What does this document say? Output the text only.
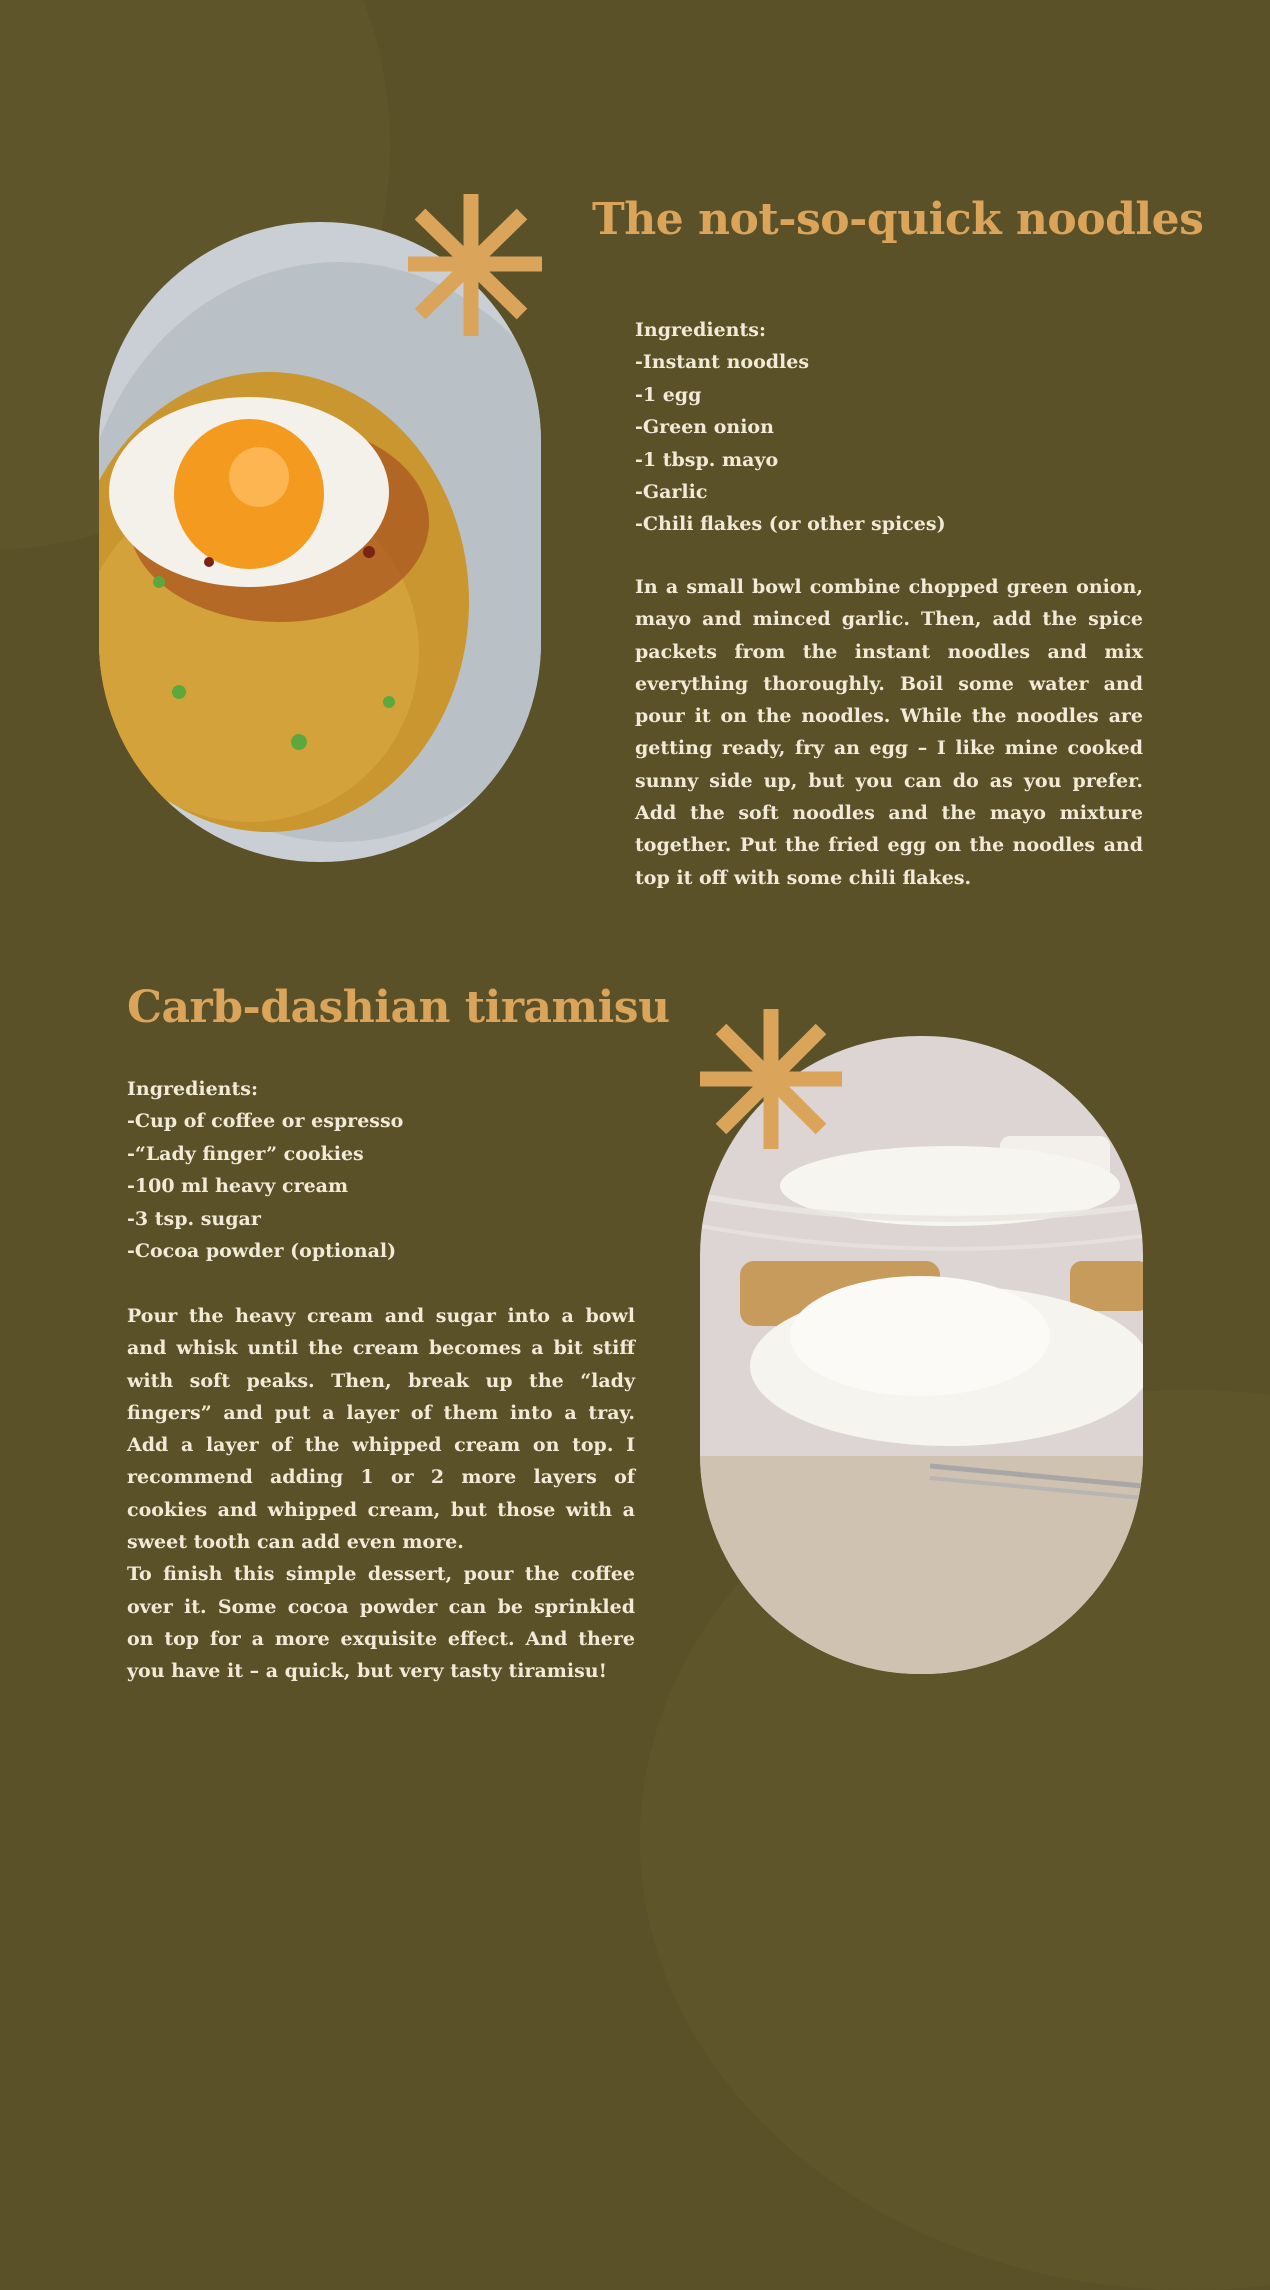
The not-so-quick noodles
Ingredients:
-Instant noodles
-1 egg
-Green onion
-1 tbsp. mayo
-Garlic
-Chili flakes (or other spices)

In a small bowl combine chopped green onion, mayo and minced garlic. Then, add the spice packets from the instant noodles and mix everything thoroughly. Boil some water and pour it on the noodles. While the noodles are getting ready, fry an egg – I like mine cooked sunny side up, but you can do as you prefer. Add the soft noodles and the mayo mixture together. Put the fried egg on the noodles and top it off with some chili flakes.

Carb-dashian tiramisu
Ingredients:
-Cup of coffee or espresso
-“Lady finger” cookies
-100 ml heavy cream
-3 tsp. sugar
-Cocoa powder (optional)

Pour the heavy cream and sugar into a bowl and whisk until the cream becomes a bit stiff with soft peaks. Then, break up the “lady fingers” and put a layer of them into a tray. Add a layer of the whipped cream on top. I recommend adding 1 or 2 more layers of cookies and whipped cream, but those with a sweet tooth can add even more.

To finish this simple dessert, pour the coffee over it. Some cocoa powder can be sprinkled on top for a more exquisite effect. And there you have it – a quick, but very tasty tiramisu!
